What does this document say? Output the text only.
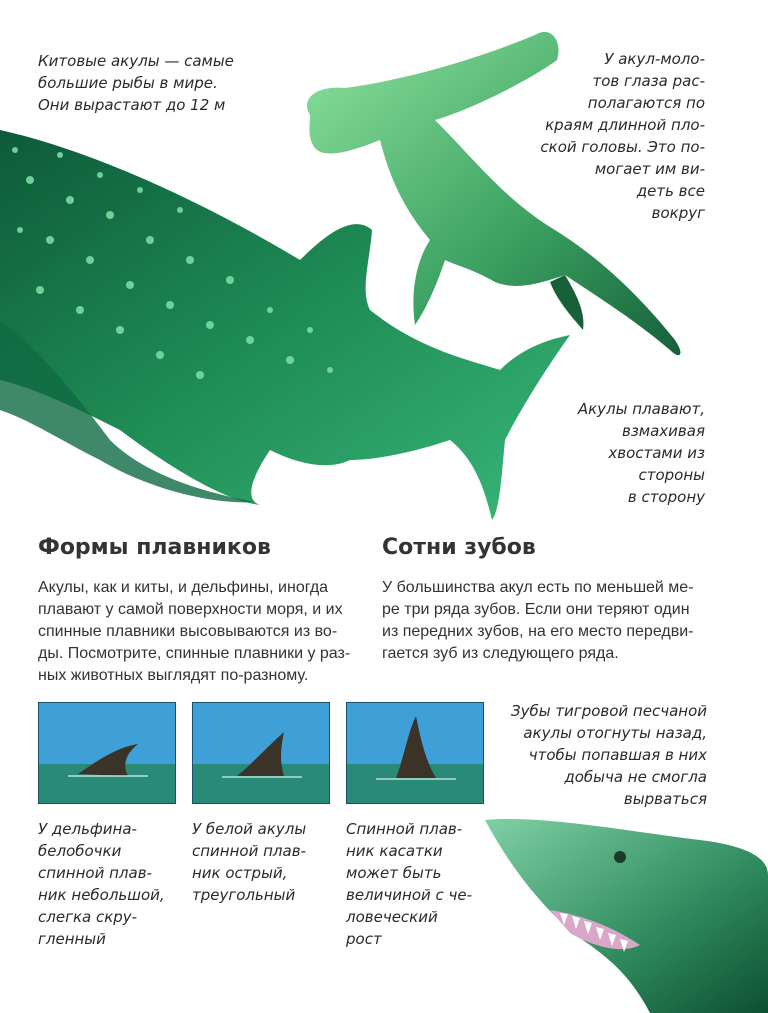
Китовые акулы — самые
большие рыбы в мире.
Они вырастают до 12 м
У акул-моло-
тов глаза рас-
полагаются по
краям длинной пло-
ской головы. Это по-
могает им ви-
деть все
вокруг
Акулы плавают,
взмахивая
хвостами из
стороны
в сторону
Формы плавников
Акулы, как и киты, и дельфины, иногда
плавают у самой поверхности моря, и их
спинные плавники высовываются из во-
ды. Посмотрите, спинные плавники у раз-
ных животных выглядят по-разному.
Сотни зубов
У большинства акул есть по меньшей ме-
ре три ряда зубов. Если они теряют один
из передних зубов, на его место передви-
гается зуб из следующего ряда.
У дельфина-
белобочки
спинной плав-
ник небольшой,
слегка скру-
гленный
У белой акулы
спинной плав-
ник острый,
треугольный
Спинной плав-
ник касатки
может быть
величиной с че-
ловеческий
рост
Зубы тигровой песчаной
акулы отогнуты назад,
чтобы попавшая в них
добыча не смогла
вырваться
